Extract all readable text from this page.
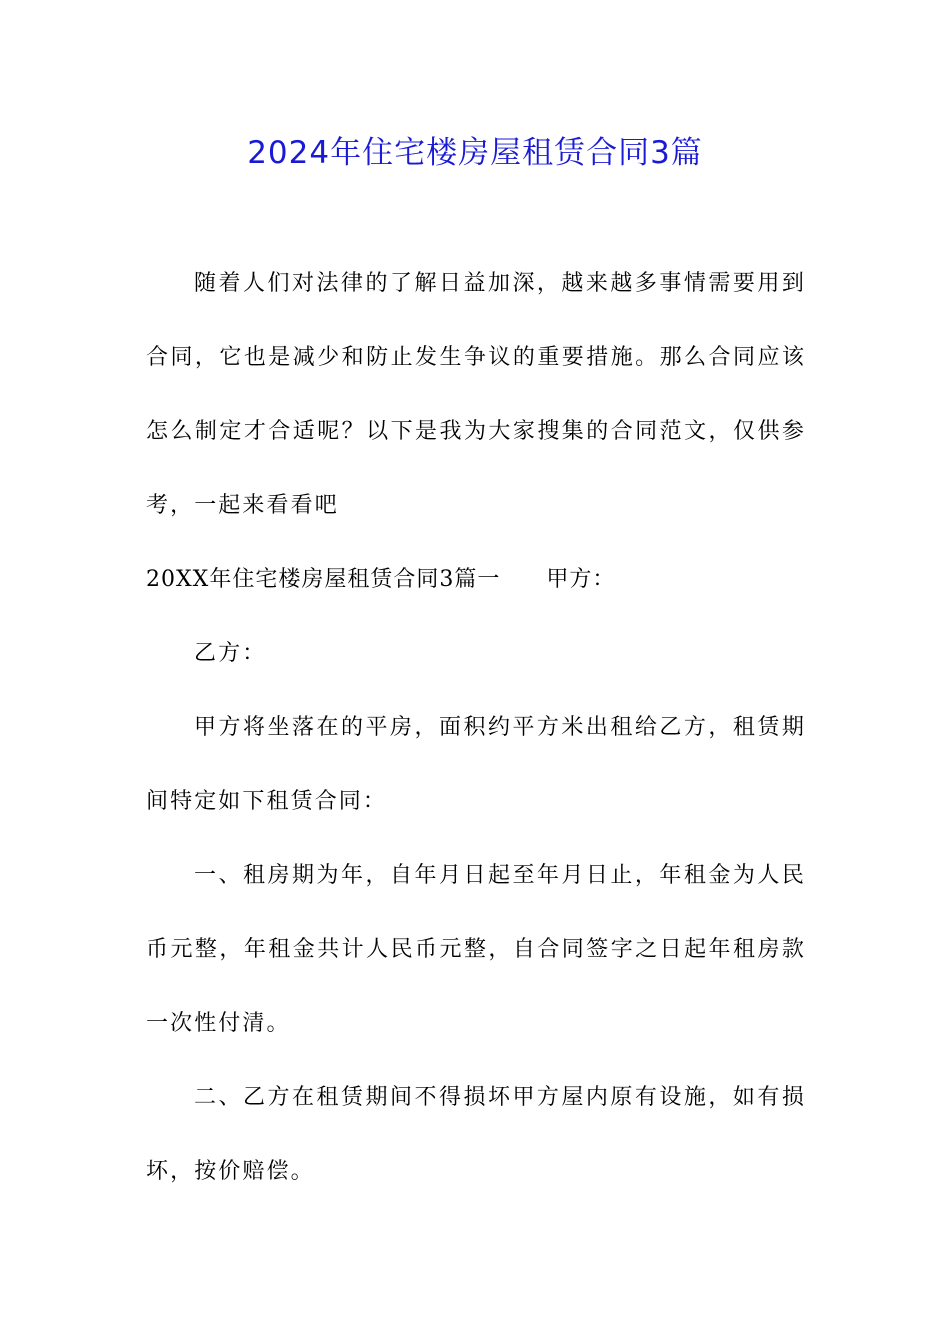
2024年住宅楼房屋租赁合同3篇
随着人们对法律的了解日益加深，越来越多事情需要用到合同，它也是减少和防止发生争议的重要措施。那么合同应该怎么制定才合适呢？以下是我为大家搜集的合同范文，仅供参考，一起来看看吧
20XX年住宅楼房屋租赁合同3篇一 甲方：
乙方：
甲方将坐落在的平房，面积约平方米出租给乙方，租赁期间特定如下租赁合同：
一、租房期为年，自年月日起至年月日止，年租金为人民币元整，年租金共计人民币元整，自合同签字之日起年租房款一次性付清。
二、乙方在租赁期间不得损坏甲方屋内原有设施，如有损坏，按价赔偿。
